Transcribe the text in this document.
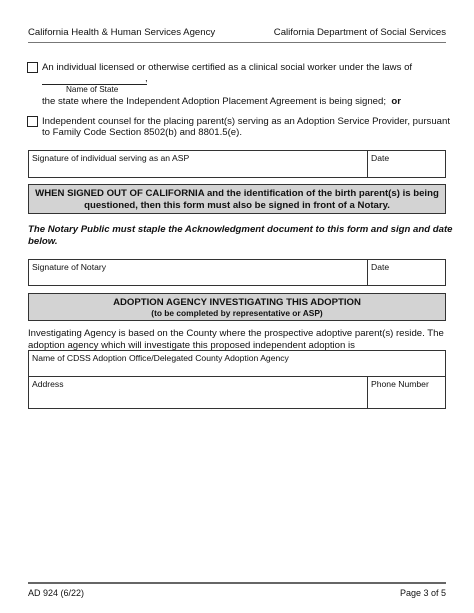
California Health & Human Services Agency	California Department of Social Services
An individual licensed or otherwise certified as a clinical social worker under the laws of
,
Name of State
the state where the Independent Adoption Placement Agreement is being signed; or
Independent counsel for the placing parent(s) serving as an Adoption Service Provider, pursuant
to Family Code Section 8502(b) and 8801.5(e).
Signature of individual serving as an ASP	Date
WHEN SIGNED OUT OF CALIFORNIA and the identification of the birth parent(s) is being
questioned, then this form must also be signed in front of a Notary.
The Notary Public must staple the Acknowledgment document to this form and sign and date
below.
Signature of Notary	Date
ADOPTION AGENCY INVESTIGATING THIS ADOPTION
(to be completed by representative or ASP)
Investigating Agency is based on the County where the prospective adoptive parent(s) reside. The
adoption agency which will investigate this proposed independent adoption is
Name of CDSS Adoption Office/Delegated County Adoption Agency
Address	Phone Number
AD 924 (6/22)	Page 3 of 5
